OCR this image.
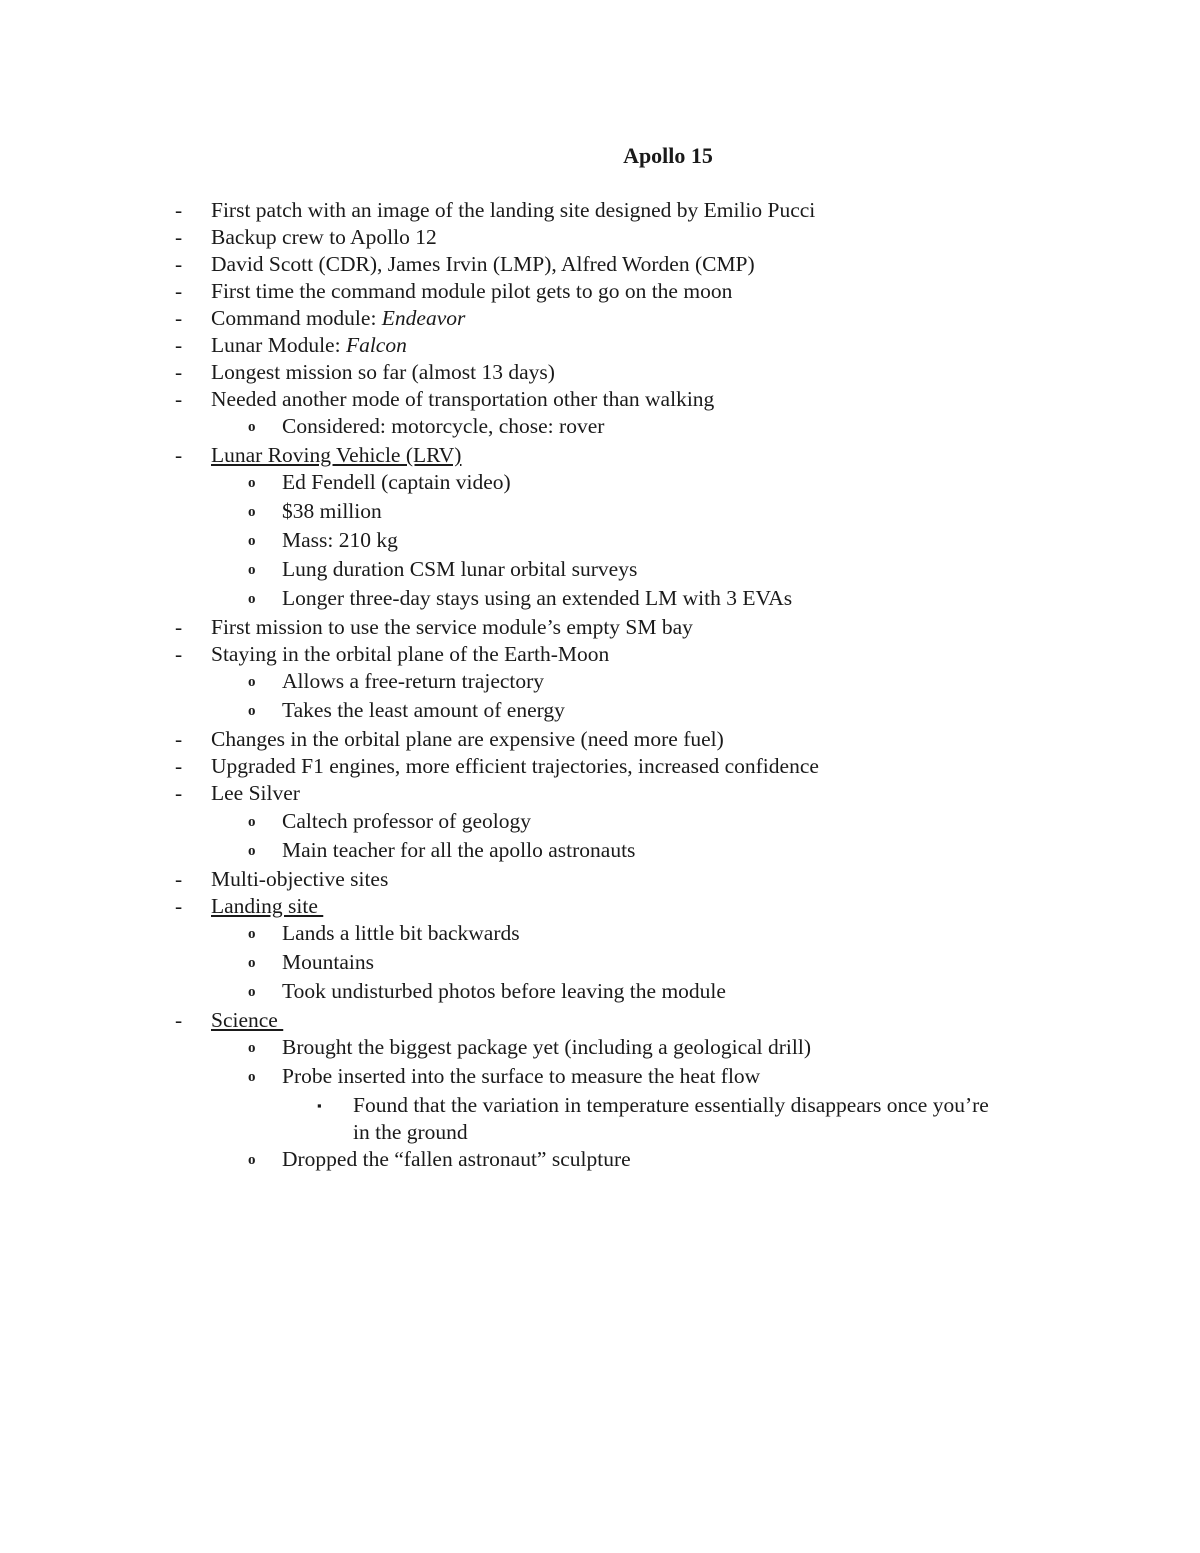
Apollo 15
-	First patch with an image of the landing site designed by Emilio Pucci
-	Backup crew to Apollo 12
-	David Scott (CDR), James Irvin (LMP), Alfred Worden (CMP)
-	First time the command module pilot gets to go on the moon
-	Command module: Endeavor
-	Lunar Module: Falcon
-	Longest mission so far (almost 13 days)
-	Needed another mode of transportation other than walking
o	Considered: motorcycle, chose: rover
-	Lunar Roving Vehicle (LRV)
o	Ed Fendell (captain video)
o	$38 million
o	Mass: 210 kg
o	Lung duration CSM lunar orbital surveys
o	Longer three-day stays using an extended LM with 3 EVAs
-	First mission to use the service module’s empty SM bay
-	Staying in the orbital plane of the Earth-Moon
o	Allows a free-return trajectory
o	Takes the least amount of energy
-	Changes in the orbital plane are expensive (need more fuel)
-	Upgraded F1 engines, more efficient trajectories, increased confidence
-	Lee Silver
o	Caltech professor of geology
o	Main teacher for all the apollo astronauts
-	Multi-objective sites
-	Landing site
o	Lands a little bit backwards
o	Mountains
o	Took undisturbed photos before leaving the module
-	Science
o	Brought the biggest package yet (including a geological drill)
o	Probe inserted into the surface to measure the heat flow
▪	Found that the variation in temperature essentially disappears once you’re
in the ground
o	Dropped the “fallen astronaut” sculpture
